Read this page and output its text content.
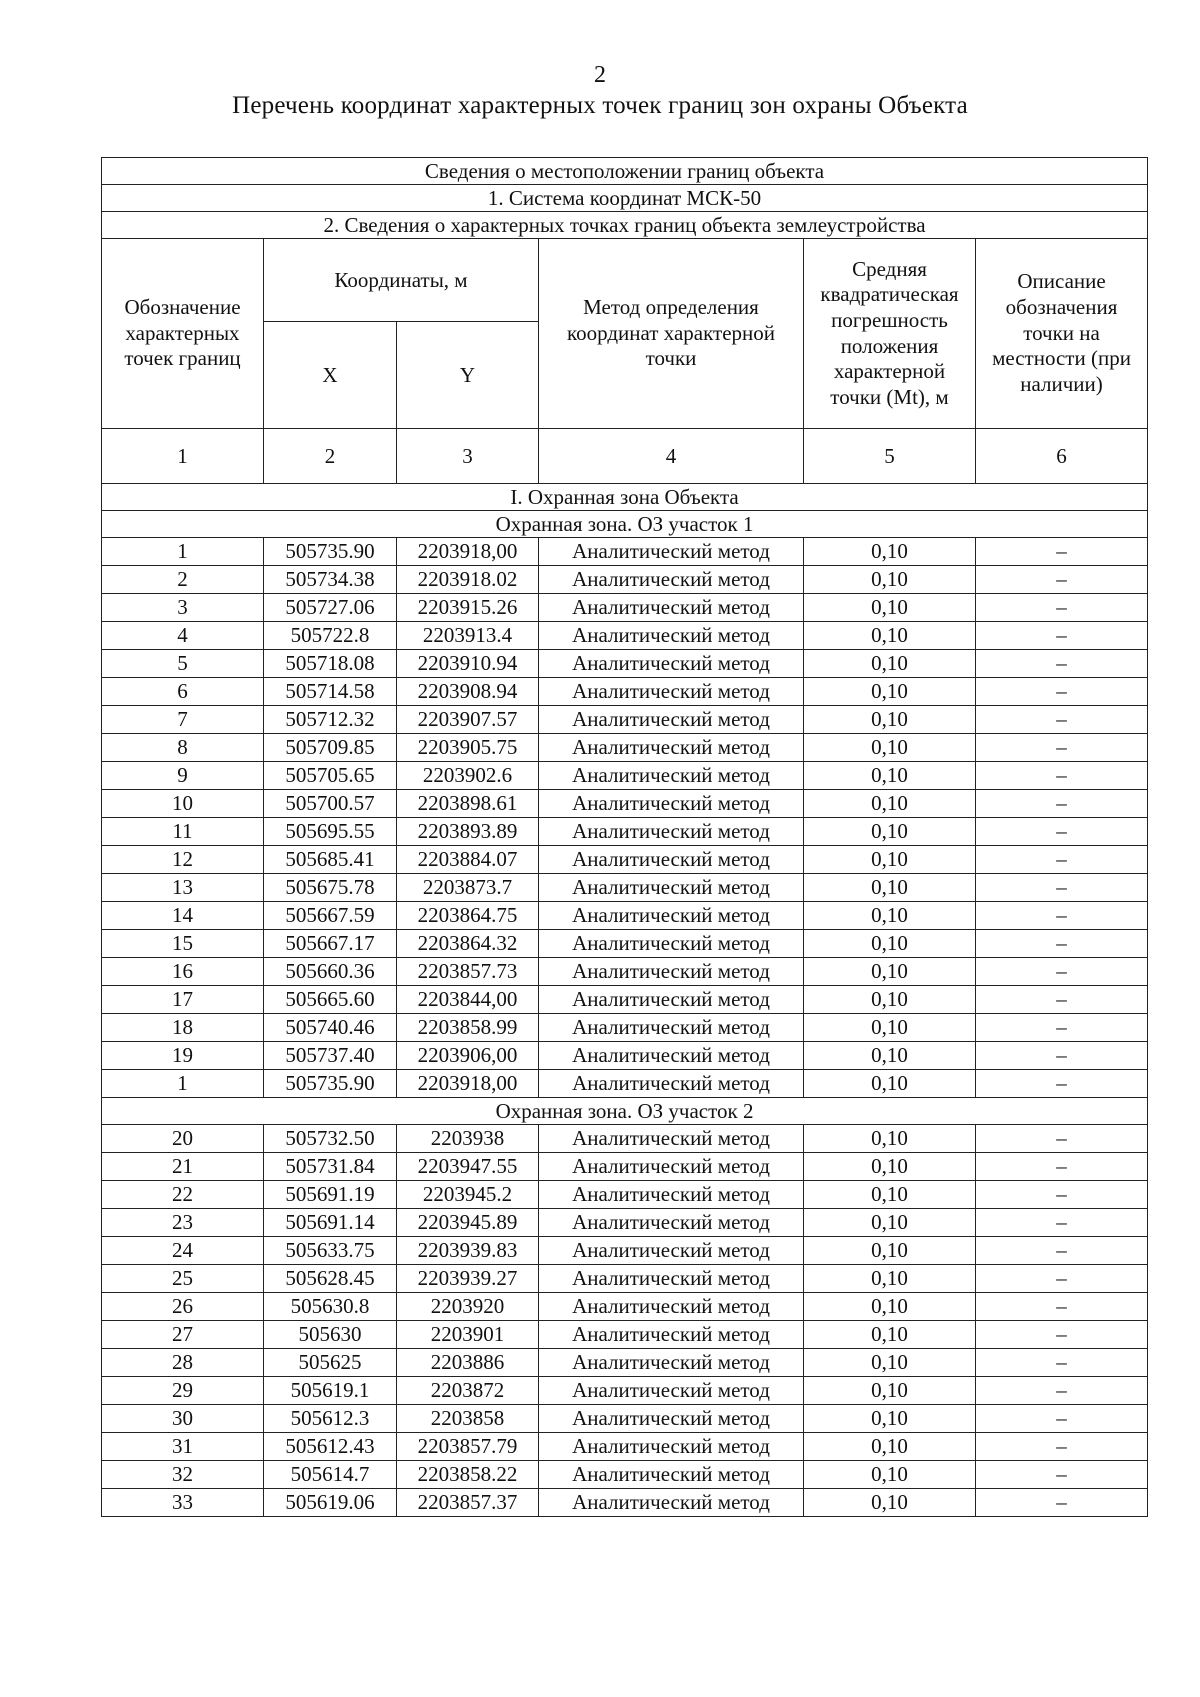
2
Перечень координат характерных точек границ зон охраны Объекта
Сведения о местоположении границ объекта					
1. Система координат МСК-50					
2. Сведения о характерных точках границ объекта землеустройства					
Обозначение характерных точек границ	Координаты, м		Метод определения координат характерной точки	Средняя квадратическая погрешность положения характерной точки (Mt), м	Описание обозначения точки на местности (при наличии)
	X	Y			
1	2	3	4	5	6
I. Охранная зона Объекта					
Охранная зона. ОЗ участок 1					
1	505735.90	2203918,00	Аналитический метод	0,10	–
2	505734.38	2203918.02	Аналитический метод	0,10	–
3	505727.06	2203915.26	Аналитический метод	0,10	–
4	505722.8	2203913.4	Аналитический метод	0,10	–
5	505718.08	2203910.94	Аналитический метод	0,10	–
6	505714.58	2203908.94	Аналитический метод	0,10	–
7	505712.32	2203907.57	Аналитический метод	0,10	–
8	505709.85	2203905.75	Аналитический метод	0,10	–
9	505705.65	2203902.6	Аналитический метод	0,10	–
10	505700.57	2203898.61	Аналитический метод	0,10	–
11	505695.55	2203893.89	Аналитический метод	0,10	–
12	505685.41	2203884.07	Аналитический метод	0,10	–
13	505675.78	2203873.7	Аналитический метод	0,10	–
14	505667.59	2203864.75	Аналитический метод	0,10	–
15	505667.17	2203864.32	Аналитический метод	0,10	–
16	505660.36	2203857.73	Аналитический метод	0,10	–
17	505665.60	2203844,00	Аналитический метод	0,10	–
18	505740.46	2203858.99	Аналитический метод	0,10	–
19	505737.40	2203906,00	Аналитический метод	0,10	–
1	505735.90	2203918,00	Аналитический метод	0,10	–
Охранная зона. ОЗ участок 2					
20	505732.50	2203938	Аналитический метод	0,10	–
21	505731.84	2203947.55	Аналитический метод	0,10	–
22	505691.19	2203945.2	Аналитический метод	0,10	–
23	505691.14	2203945.89	Аналитический метод	0,10	–
24	505633.75	2203939.83	Аналитический метод	0,10	–
25	505628.45	2203939.27	Аналитический метод	0,10	–
26	505630.8	2203920	Аналитический метод	0,10	–
27	505630	2203901	Аналитический метод	0,10	–
28	505625	2203886	Аналитический метод	0,10	–
29	505619.1	2203872	Аналитический метод	0,10	–
30	505612.3	2203858	Аналитический метод	0,10	–
31	505612.43	2203857.79	Аналитический метод	0,10	–
32	505614.7	2203858.22	Аналитический метод	0,10	–
33	505619.06	2203857.37	Аналитический метод	0,10	–
